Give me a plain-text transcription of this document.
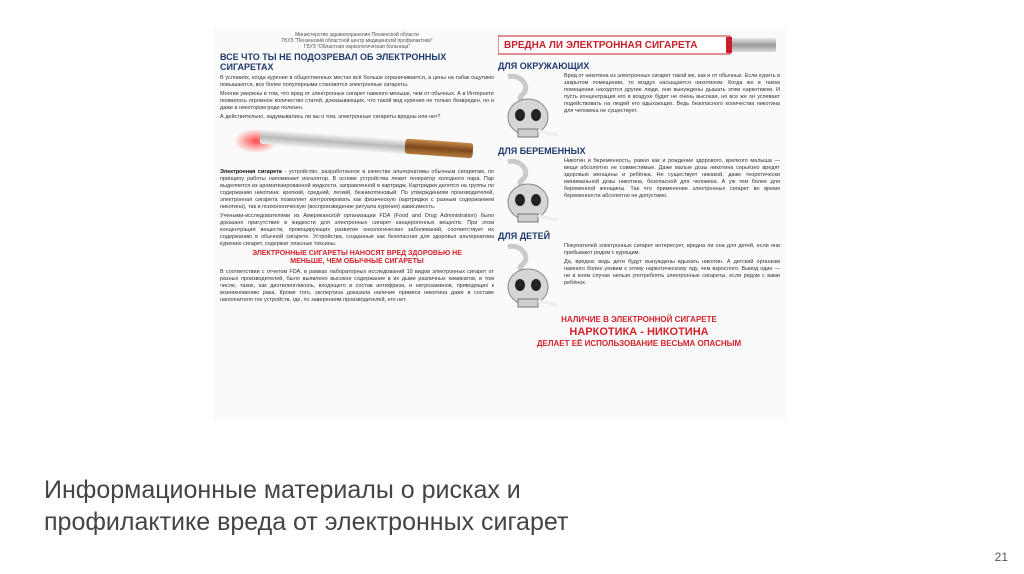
Министерство здравоохранения Пензенской области
ГБУЗ "Пензенский областной центр медицинской профилактики"
ГБУЗ "Областная наркологическая больница"
ВСЕ ЧТО ТЫ НЕ ПОДОЗРЕВАЛ ОБ ЭЛЕКТРОННЫХ СИГАРЕТАХ

В условиях, когда курение в общественных местах всё больше ограничивается, а цены на табак ощутимо повышаются, все более популярными становятся электронные сигареты.

Многие уверены в том, что вред от электронных сигарет намного меньше, чем от обычных. А в Интернете появилось огромное количество статей, доказывающих, что такой вид курения не только безвреден, но и даже в некотором роде полезен.

А действительно, задумывались ли вы о том, электронные сигареты вредны или нет?

Электронная сигарета - устройство, разработанное в качестве альтернативы обычным сигаретам, по принципу работы напоминает ингалятор. В основе устройства лежит генератор холодного пара. Пар выделяется из ароматизированной жидкости, заправленной в картридж. Картриджи делятся на группы по содержанию никотина: крепкий, средний, легкий, безникотиновый. По утверждениям производителей, электронная сигарета позволяет контролировать как физическую (картриджи с разным содержанием никотина), так и психологическую (воспроизведение ритуала курения) зависимость.

Учеными-исследователями из Американской организации FDA (Food and Drug Administration) было доказано присутствие в жидкости для электронных сигарет канцерогенных веществ. При этом концентрация веществ, провоцирующих развитие онкологических заболеваний, соответствует их содержанию в обычной сигарете. Устройства, созданные как безопасная для здоровья альтернатива курению сигарет, содержат опасные токсины.

ЭЛЕКТРОННЫЕ СИГАРЕТЫ НАНОСЯТ ВРЕД ЗДОРОВЬЮ НЕ МЕНЬШЕ, ЧЕМ ОБЫЧНЫЕ СИГАРЕТЫ

В соответствии с отчетом FDA, в рамках лабораторных исследований 19 видов электронных сигарет от разных производителей, было выявлено высокое содержание в их дыме различных химикатов, в том числе, таких, как диэтиленгликоль, входящего в состав антифриза, и нитрозаминов, приводящих к возникновению рака. Кроме того, экспертиза доказала наличие примеси никотина даже в составе наполнителя тех устройств, где, по заверениям производителей, его нет.

ВРЕДНА ЛИ ЭЛЕКТРОННАЯ СИГАРЕТА
ДЛЯ ОКРУЖАЮЩИХ

Вред от никотина из электронных сигарет такой же, как и от обычных. Если курить в закрытом помещении, то воздух насыщается никотином. Когда же в таком помещении находятся другие люди, они вынуждены дышать этим наркотиком. И пусть концентрация его в воздухе будет не очень высокая, но все же он успевает подействовать на людей его вдыхающих. Ведь безопасного количества никотина для человека не существует.

ДЛЯ БЕРЕМЕННЫХ

Никотин и беременность, равно как и рождение здорового, крепкого малыша — вещи абсолютно не совместимые. Даже малые дозы никотина серьёзно вредят здоровью женщины и ребёнка. Не существует никакой, даже теоретически минимальной дозы никотина, безопасной для человека. А уж тем более для беременной женщины. Так что применение электронных сигарет во время беременности абсолютно не допустимо.

ДЛЯ ДЕТЕЙ

Покупателей электронных сигарет интересует, вредна ли она для детей, если они пребывают рядом с курящим.

Да, вредна: ведь дети будут вынуждены вдыхать никотин. А детский организм намного более уязвим к этому наркотическому яду, чем взрослого. Вывод один — ни в коем случае нельзя употреблять электронные сигареты, если рядом с вами ребёнок.

НАЛИЧИЕ В ЭЛЕКТРОННОЙ СИГАРЕТЕ
НАРКОТИКА - НИКОТИНА
ДЕЛАЕТ ЕЁ ИСПОЛЬЗОВАНИЕ ВЕСЬМА ОПАСНЫМ
Информационные материалы о рисках и
профилактике вреда от электронных сигарет
21
